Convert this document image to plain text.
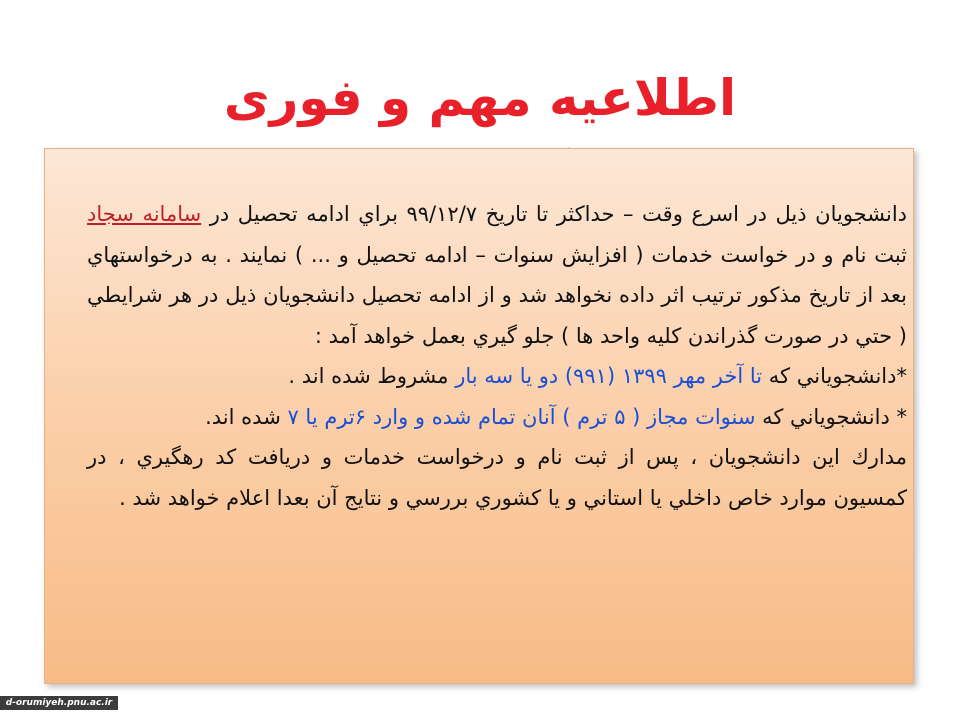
اطلاعیه مهم و فوری

دانشجويان ذيل در اسرع وقت – حداكثر تا تاريخ ۹۹/۱۲/۷ براي ادامه تحصيل در سامانه سجاد ثبت نام و در خواست خدمات ( افزايش سنوات – ادامه تحصيل و ... ) نمايند . به درخواستهاي بعد از تاريخ مذكور ترتيب اثر داده نخواهد شد و از ادامه تحصيل دانشجويان ذيل در هر شرايطي ( حتي در صورت گذراندن كليه واحد ها ) جلو گيري بعمل خواهد آمد :

*دانشجوياني كه تا آخر مهر ۱۳۹۹ (۹۹۱) دو يا سه بار مشروط شده اند .

* دانشجوياني كه سنوات مجاز ( ۵ ترم ) آنان تمام شده و وارد ۶ترم يا ۷ شده اند.

مدارك اين دانشجويان ، پس از ثبت نام و درخواست خدمات و دريافت كد رهگيري ، در كمسيون موارد خاص داخلي يا استاني و يا كشوري بررسي و نتايج آن بعدا اعلام خواهد شد .

d-orumiyeh.pnu.ac.ir
